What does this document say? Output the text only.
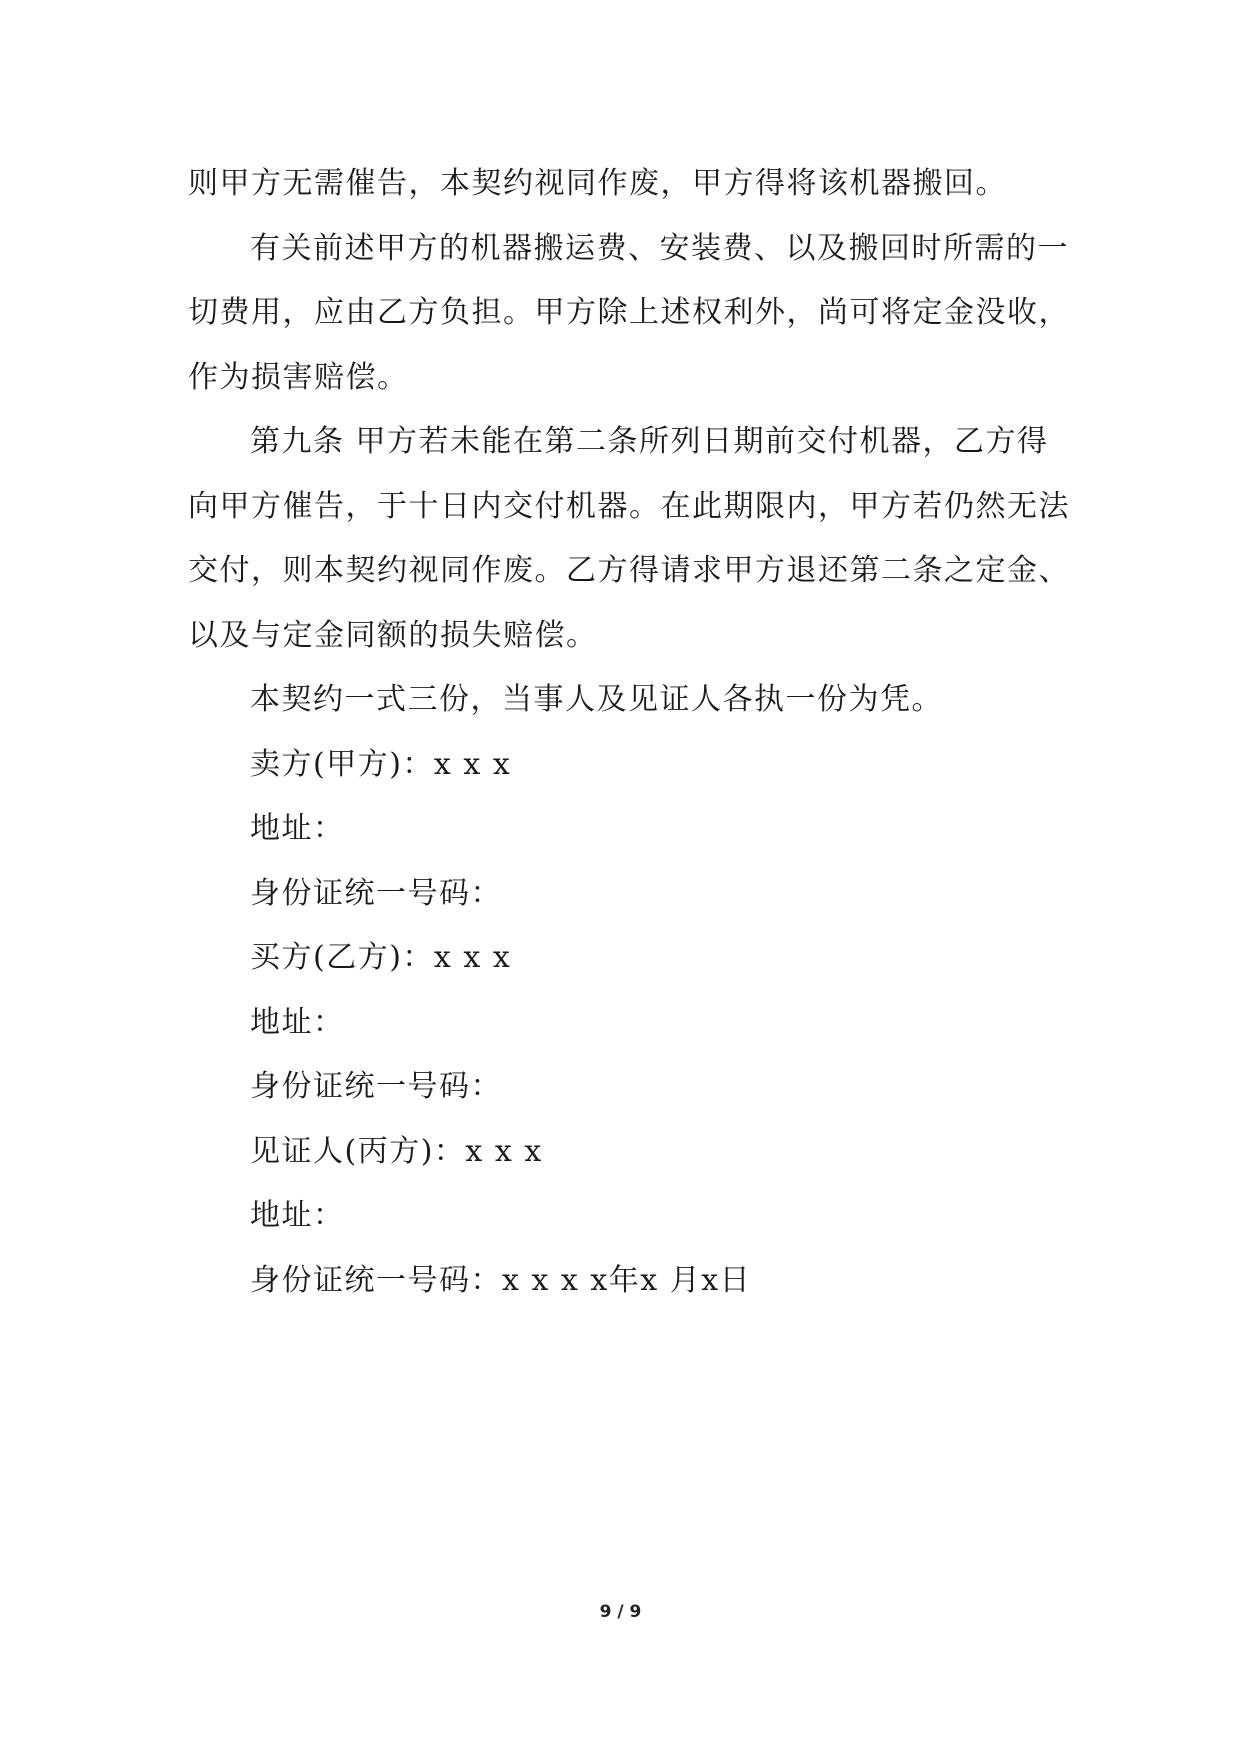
则甲方无需催告，本契约视同作废，甲方得将该机器搬回。

有关前述甲方的机器搬运费、安装费、以及搬回时所需的一

切费用，应由乙方负担。甲方除上述权利外，尚可将定金没收，

作为损害赔偿。

第九条 甲方若未能在第二条所列日期前交付机器，乙方得

向甲方催告，于十日内交付机器。在此期限内，甲方若仍然无法

交付，则本契约视同作废。乙方得请求甲方退还第二条之定金、

以及与定金同额的损失赔偿。

本契约一式三份，当事人及见证人各执一份为凭。

卖方(甲方)：x x x

地址：

身份证统一号码：

买方(乙方)：x x x

地址：

身份证统一号码：

见证人(丙方)：x x x

地址：

身份证统一号码：x x x x年x 月x日

9 / 9
